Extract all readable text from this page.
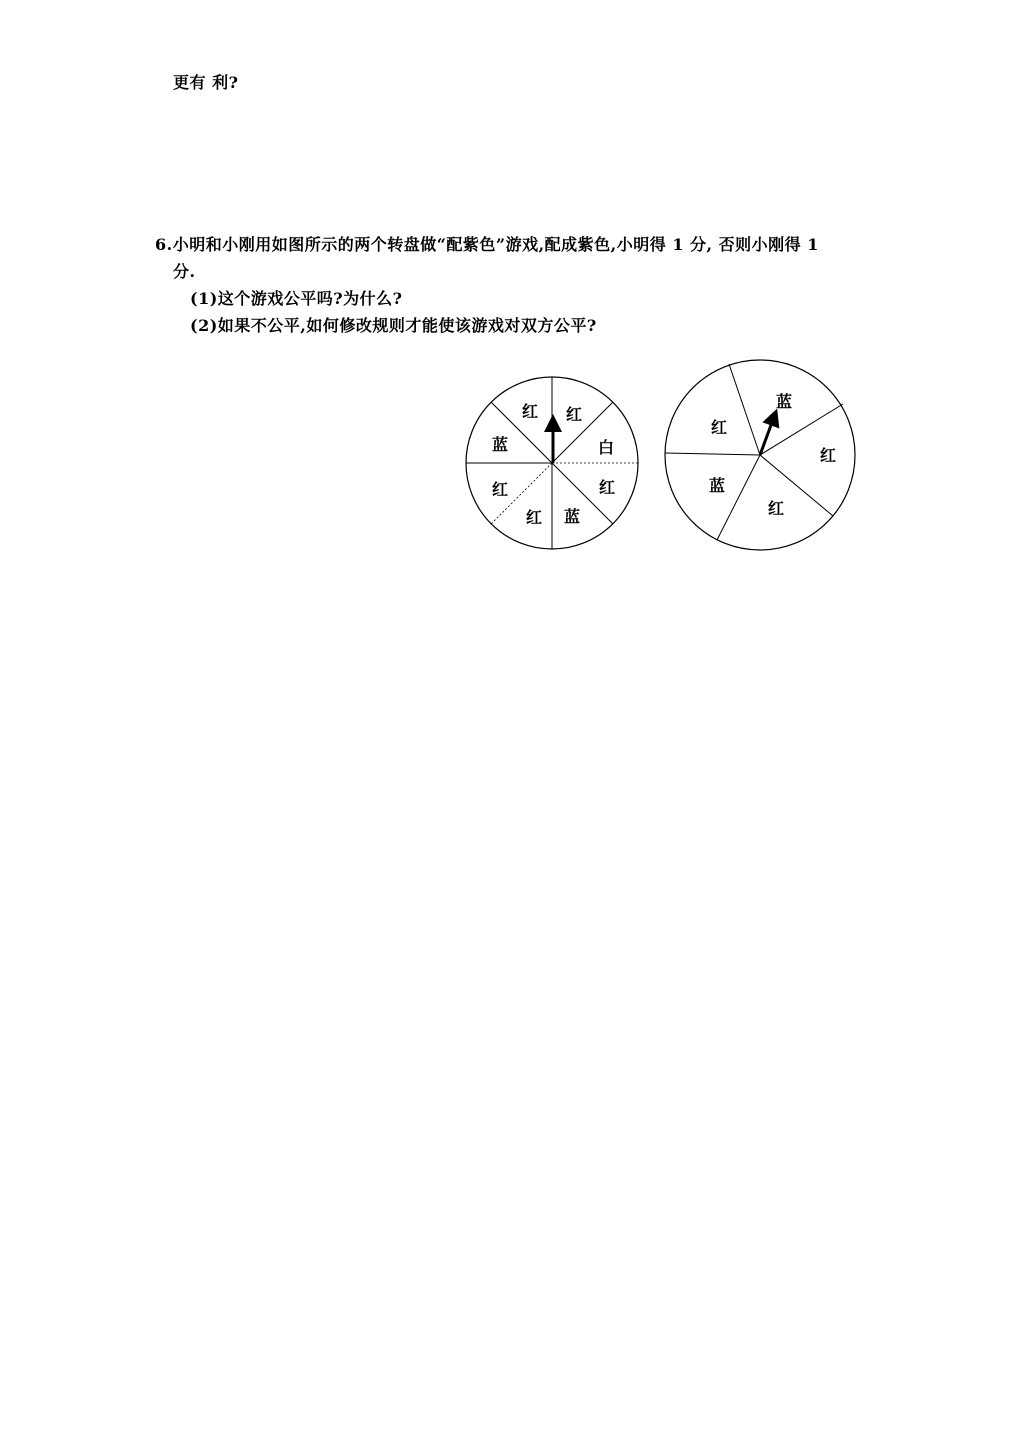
更有 利?
6.小明和小刚用如图所示的两个转盘做“配紫色”游戏,配成紫色,小明得 1 分, 否则小刚得 1
分.
(1)这个游戏公平吗?为什么?
(2)如果不公平,如何修改规则才能使该游戏对双方公平?
红 红
白
红
蓝
红
红
蓝
蓝
红
红
蓝
红
